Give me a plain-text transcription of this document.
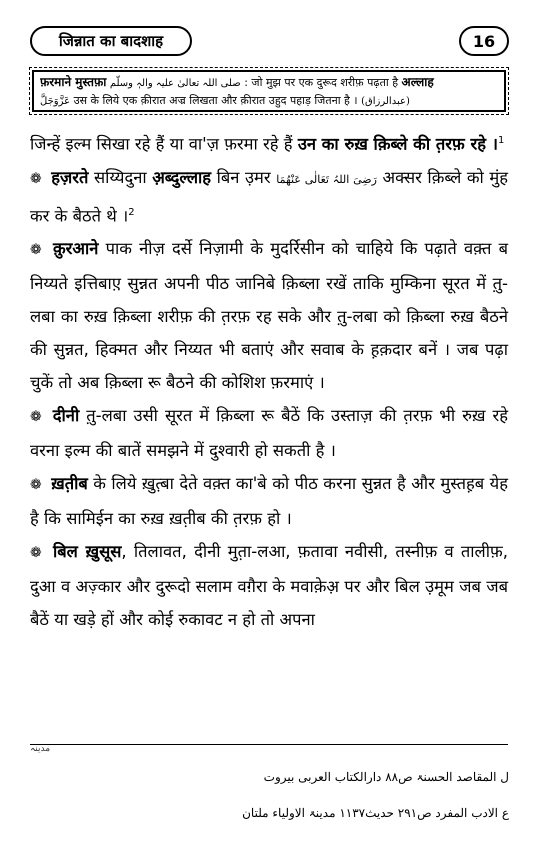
जिन्नात का बादशाह	16
फ़रमाने मुस्तफ़ा صلی اللہ تعالیٰ علیہ والہٖ وسلّم : जो मुझ पर एक दुरूद शरीफ़ पढ़ता है अल्लाह
عَزَّوَجَلَّ उस के लिये एक क़ीरात अज्र लिखता और क़ीरात उहुद पहाड़ जितना है । (عبدالرزاق)

जिन्हें इल्म सिखा रहे हैं या वा'ज़ फ़रमा रहे हैं उन का रुख़ क़िब्ले की त़रफ़ रहे ।$^1$

❁ हज़रते सय्यिदुना अ़ब्दुल्लाह बिन उ़मर رَضِیَ اللہُ تَعَالٰی عَنْھُمَا अक्सर क़िब्ले को मुंह कर के बैठते थे ।$^2$

❁ क़ुरआने पाक नीज़ दर्से निज़ामी के मुदर्रिसीन को चाहिये कि पढ़ाते वक़्त ब निय्यते इत्तिबाए़ सुन्नत अपनी पीठ जानिबे क़िब्ला रखें ताकि मुम्किना सूरत में त़ु-लबा का रुख़ क़िब्ला शरीफ़ की त़रफ़ रह सके और त़ु-लबा को क़िब्ला रुख़ बैठने की सुन्नत, हिक्मत और निय्यत भी बताएं और सवाब के ह़क़दार बनें । जब पढ़ा चुकें तो अब क़िब्ला रू बैठने की कोशिश फ़रमाएं ।

❁ दीनी त़ु-लबा उसी सूरत में क़िब्ला रू बैठें कि उस्ताज़ की त़रफ़ भी रुख़ रहे वरना इल्म की बातें समझने में दुश्वारी हो सकती है ।

❁ ख़त़ीब के लिये ख़ुत़्बा देते वक़्त का'बे को पीठ करना सुन्नत है और मुस्तह़ब येह है कि सामिईन का रुख़ ख़त़ीब की त़रफ़ हो ।

❁ बिल ख़ुसूस, तिलावत, दीनी मुत़ा-लआ, फ़तावा नवीसी, तस्नीफ़ व तालीफ़, दुआ व अज़्कार और दुरूदो सलाम वग़ैरा के मवाक़ेअ़ पर और बिल उ़मूम जब जब बैठें या खड़े हों और कोई रुकावट न हो तो अपना

مدینہ
ل المقاصد الحسنۃ ص۸۸ دارالکتاب العربی بیروت
ع الادب المفرد ص۲۹۱ حدیث۱۱۳۷ مدینۃ الاولیاء ملتان
